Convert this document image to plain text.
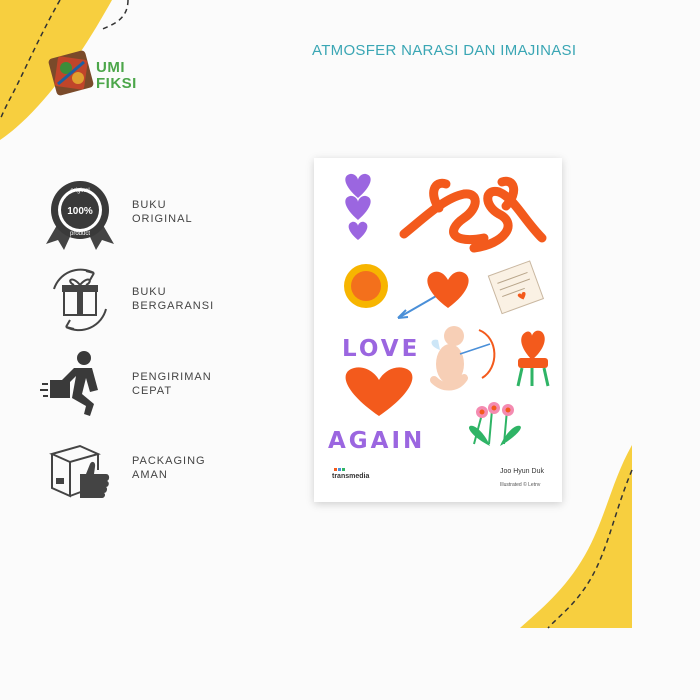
UMI
FIKSI
ATMOSFER NARASI DAN IMAJINASI
original
100%
product
BUKU
ORIGINAL
BUKU
BERGARANSI
PENGIRIMAN
CEPAT
PACKAGING
AMAN
LOVE
AGAIN
transmedia
Joo Hyun Duk
Illustrated © Letnv
